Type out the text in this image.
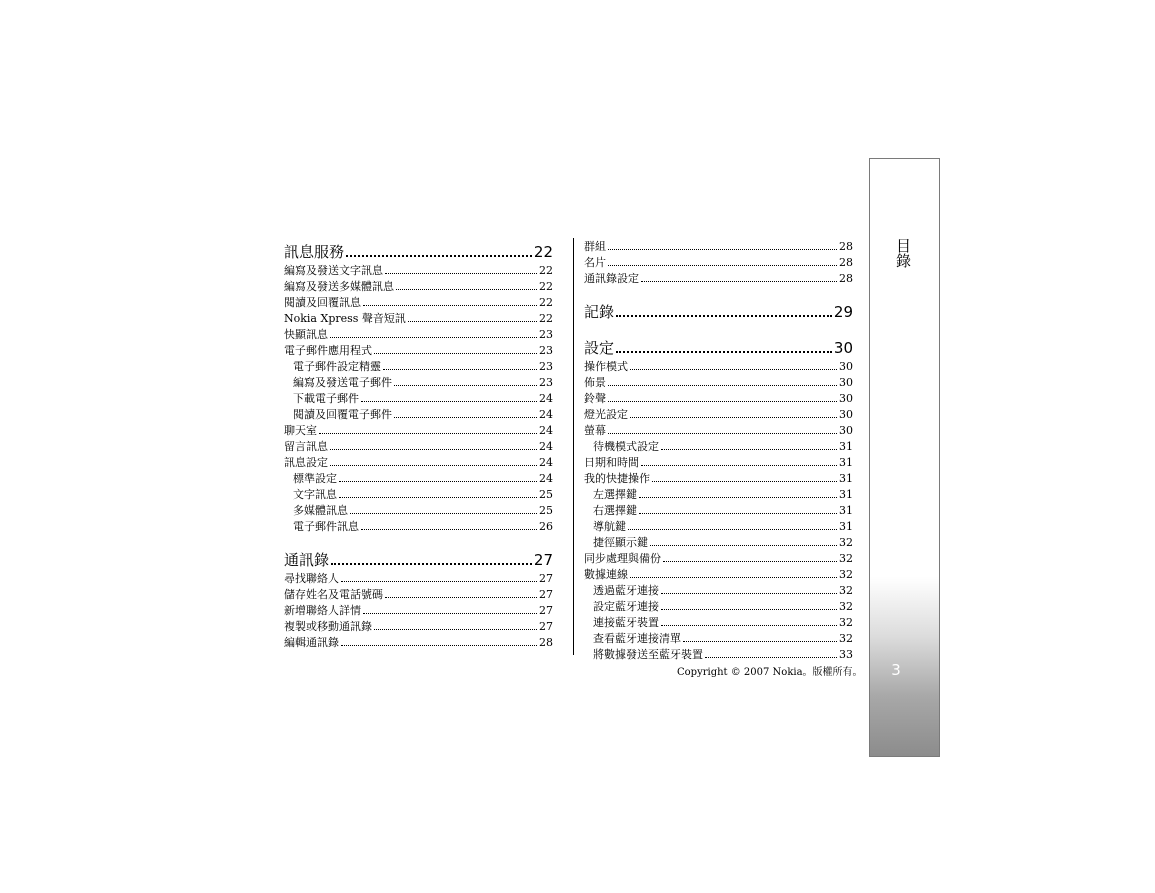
訊息服務	22
編寫及發送文字訊息	22
編寫及發送多媒體訊息	22
閱讀及回覆訊息	22
Nokia Xpress 聲音短訊	22
快顯訊息	23
電子郵件應用程式	23
電子郵件設定精靈	23
編寫及發送電子郵件	23
下載電子郵件	24
閱讀及回覆電子郵件	24
聊天室	24
留言訊息	24
訊息設定	24
標準設定	24
文字訊息	25
多媒體訊息	25
電子郵件訊息	26
通訊錄	27
尋找聯絡人	27
儲存姓名及電話號碼	27
新增聯絡人詳情	27
複製或移動通訊錄	27
編輯通訊錄	28
群組	28
名片	28
通訊錄設定	28
記錄	29
設定	30
操作模式	30
佈景	30
鈴聲	30
燈光設定	30
螢幕	30
待機模式設定	31
日期和時間	31
我的快捷操作	31
左選擇鍵	31
右選擇鍵	31
導航鍵	31
捷徑顯示鍵	32
同步處理與備份	32
數據連線	32
透過藍牙連接	32
設定藍牙連接	32
連接藍牙裝置	32
查看藍牙連接清單	32
將數據發送至藍牙裝置	33
Copyright © 2007 Nokia。版權所有。
目錄
3
